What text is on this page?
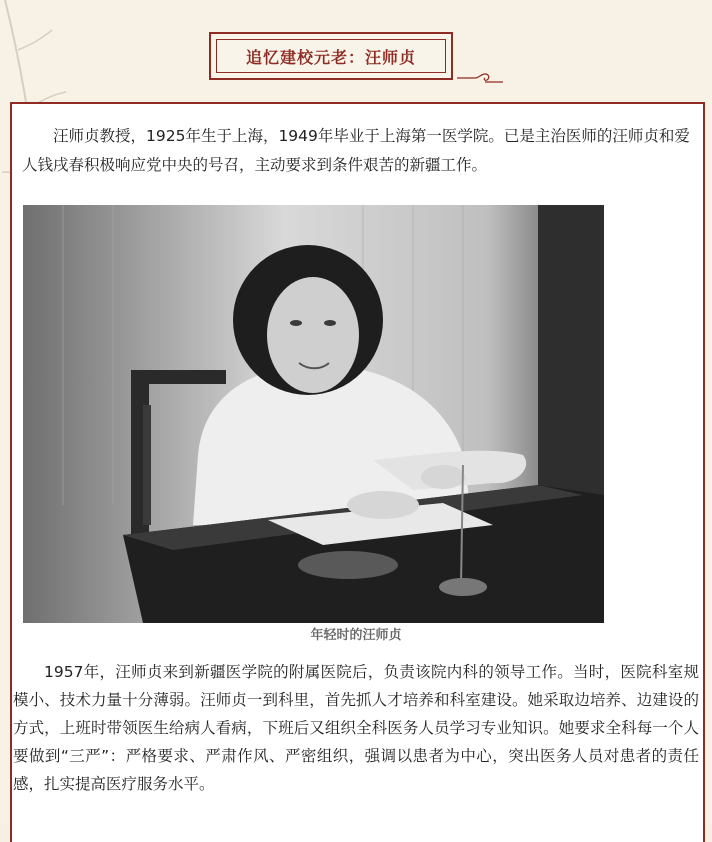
追忆建校元老：汪师贞

汪师贞教授，1925年生于上海，1949年毕业于上海第一医学院。已是主治医师的汪师贞和爱人钱戌春积极响应党中央的号召，主动要求到条件艰苦的新疆工作。

年轻时的汪师贞

1957年，汪师贞来到新疆医学院的附属医院后，负责该院内科的领导工作。当时，医院科室规模小、技术力量十分薄弱。汪师贞一到科里，首先抓人才培养和科室建设。她采取边培养、边建设的方式，上班时带领医生给病人看病，下班后又组织全科医务人员学习专业知识。她要求全科每一个人要做到“三严”：严格要求、严肃作风、严密组织，强调以患者为中心，突出医务人员对患者的责任感，扎实提高医疗服务水平。
